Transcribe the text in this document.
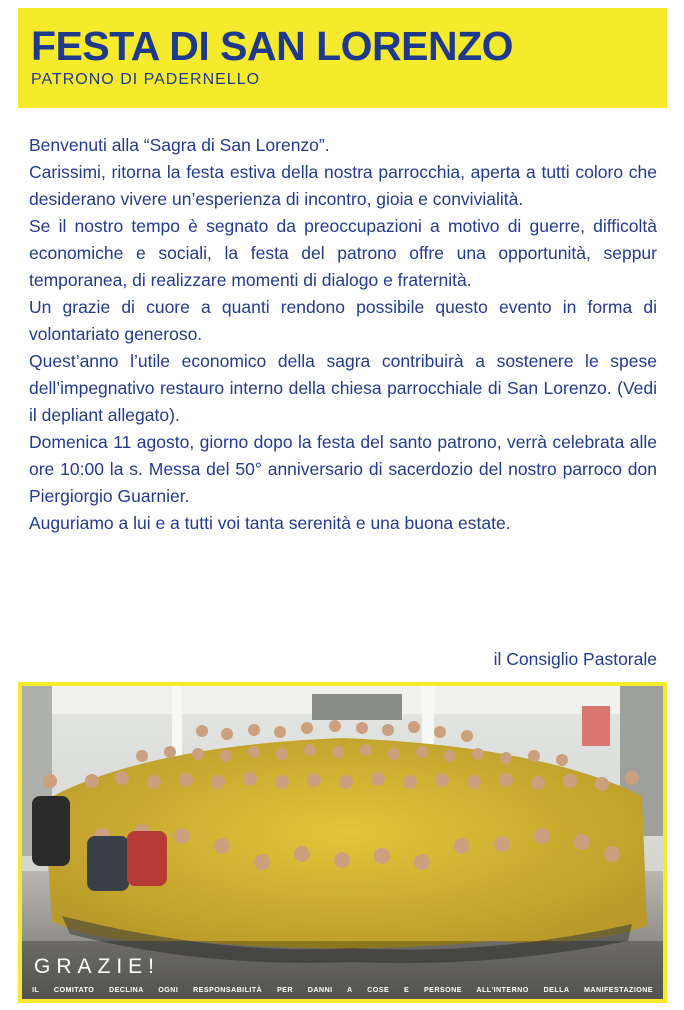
FESTA DI SAN LORENZO
PATRONO DI PADERNELLO

Benvenuti alla “Sagra di San Lorenzo”.

Carissimi, ritorna la festa estiva della nostra parrocchia, aperta a tutti coloro che desiderano vivere un’esperienza di incontro, gioia e convivialità.

Se il nostro tempo è segnato da preoccupazioni a motivo di guerre, difficoltà economiche e sociali, la festa del patrono offre una opportunità, seppur temporanea, di realizzare momenti di dialogo e fraternità.

Un grazie di cuore a quanti rendono possibile questo evento in forma di volontariato generoso.

Quest’anno l’utile economico della sagra contribuirà a sostenere le spese dell’impegnativo restauro interno della chiesa parrocchiale di San Lorenzo. (Vedi il depliant allegato).

Domenica 11 agosto, giorno dopo la festa del santo patrono, verrà celebrata alle ore 10:00 la s. Messa del 50° anniversario di sacerdozio del nostro parroco don Piergiorgio Guarnier.

Auguriamo a lui e a tutti voi tanta serenità e una buona estate.

il Consiglio Pastorale
GRAZIE!
IL COMITATO DECLINA OGNI RESPONSABILITÀ PER DANNI A COSE E PERSONE ALL’INTERNO DELLA MANIFESTAZIONE
